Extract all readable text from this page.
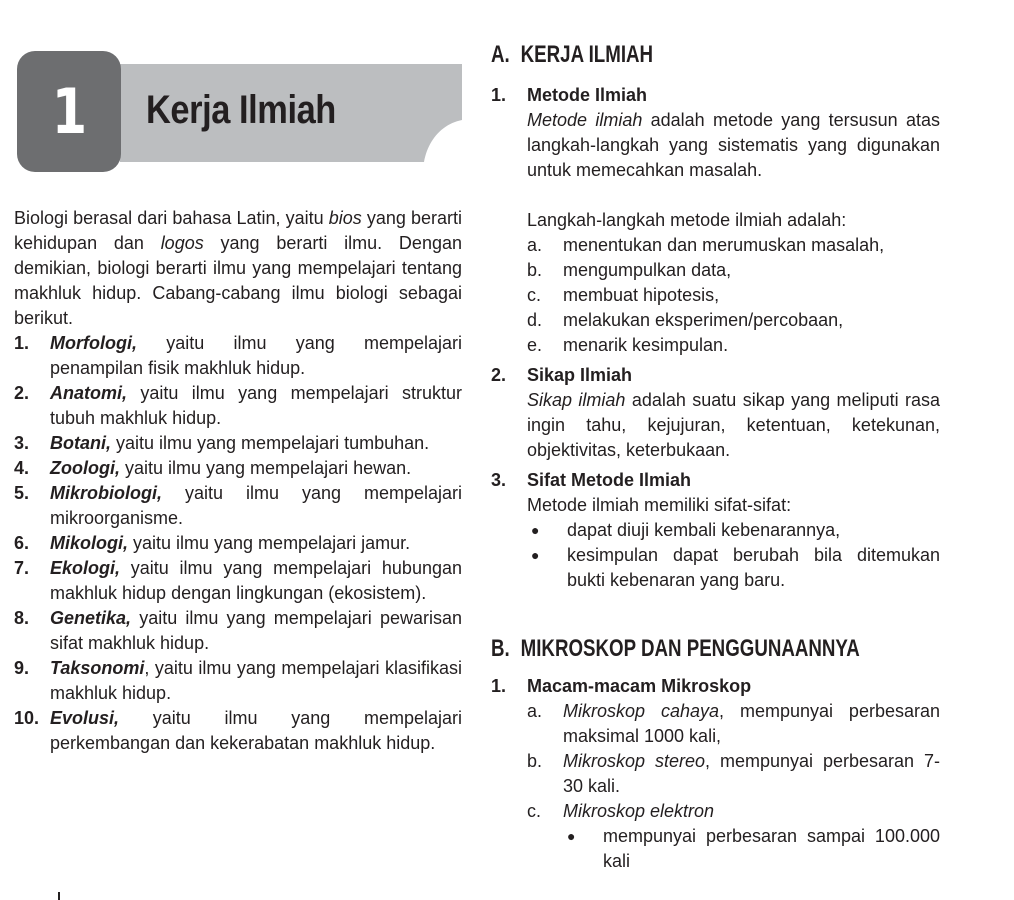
1 Kerja Ilmiah
Biologi berasal dari bahasa Latin, yaitu bios yang berarti kehidupan dan logos yang berarti ilmu. Dengan demikian, biologi berarti ilmu yang mempelajari tentang makhluk hidup. Cabang-cabang ilmu biologi sebagai berikut.
1.	Morfologi, yaitu ilmu yang mempelajari penampilan fisik makhluk hidup.
2.	Anatomi, yaitu ilmu yang mempelajari struktur tubuh makhluk hidup.
3.	Botani, yaitu ilmu yang mempelajari tumbuhan.
4.	Zoologi, yaitu ilmu yang mempelajari hewan.
5.	Mikrobiologi, yaitu ilmu yang mempelajari mikroorganisme.
6.	Mikologi, yaitu ilmu yang mempelajari jamur.
7.	Ekologi, yaitu ilmu yang mempelajari hubungan makhluk hidup dengan lingkungan (ekosistem).
8.	Genetika, yaitu ilmu yang mempelajari pewarisan sifat makhluk hidup.
9.	Taksonomi, yaitu ilmu yang mempelajari klasifikasi makhluk hidup.
10. Evolusi, yaitu ilmu yang mempelajari perkembangan dan kekerabatan makhluk hidup.
A. KERJA ILMIAH
1.	Metode Ilmiah
Metode ilmiah adalah metode yang tersusun atas langkah-langkah yang sistematis yang digunakan untuk memecahkan masalah.
Langkah-langkah metode ilmiah adalah:
a.	menentukan dan merumuskan masalah,
b.	mengumpulkan data,
c.	membuat hipotesis,
d.	melakukan eksperimen/percobaan,
e.	menarik kesimpulan.
2.	Sikap Ilmiah
Sikap ilmiah adalah suatu sikap yang meliputi rasa ingin tahu, kejujuran, ketentuan, ketekunan, objektivitas, keterbukaan.
3.	Sifat Metode Ilmiah
Metode ilmiah memiliki sifat-sifat:
●	dapat diuji kembali kebenarannya,
●	kesimpulan dapat berubah bila ditemukan bukti kebenaran yang baru.
B. MIKROSKOP DAN PENGGUNAANNYA
1.	Macam-macam Mikroskop
a.	Mikroskop cahaya, mempunyai perbesaran maksimal 1000 kali,
b.	Mikroskop stereo, mempunyai perbesaran 7-30 kali.
c.	Mikroskop elektron
●	mempunyai perbesaran sampai 100.000 kali
